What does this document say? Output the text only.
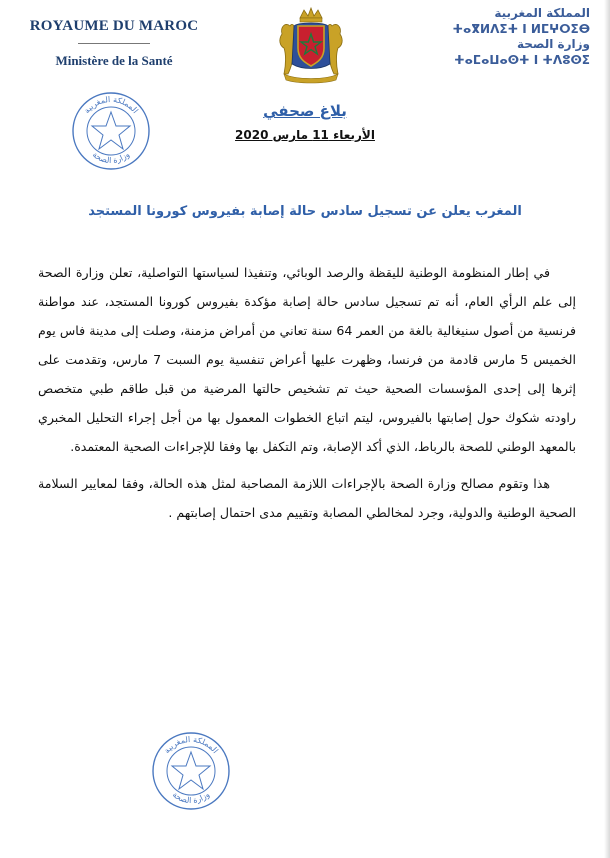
ROYAUME DU MAROC
Ministère de la Santé
المملكة المغربية
ⵜⴰⴳⵍⴷⵉⵜ ⵏ ⵍⵎⵖⵔⵉⴱ
وزارة الصحة
ⵜⴰⵎⴰⵡⴰⵙⵜ ⵏ ⵜⴷⵓⵙⵉ
المملكة المغربية
وزارة الصحة
بلاغ صحفي
الأربعاء 11 مارس 2020
المغرب يعلن عن تسجيل سادس حالة إصابة بفيروس كورونا المستجد

في إطار المنظومة الوطنية لليقظة والرصد الوبائي، وتنفيذا لسياستها التواصلية، تعلن وزارة الصحة إلى علم الرأي العام، أنه تم تسجيل سادس حالة إصابة مؤكدة بفيروس كورونا المستجد، عند مواطنة فرنسية من أصول سنيغالية بالغة من العمر 64 سنة تعاني من أمراض مزمنة، وصلت إلى مدينة فاس يوم الخميس 5 مارس قادمة من فرنسا، وظهرت عليها أعراض تنفسية يوم السبت 7 مارس، وتقدمت على إثرها إلى إحدى المؤسسات الصحية حيث تم تشخيص حالتها المرضية من قبل طاقم طبي متخصص راودته شكوك حول إصابتها بالفيروس، ليتم اتباع الخطوات المعمول بها من أجل إجراء التحليل المخبري بالمعهد الوطني للصحة بالرباط، الذي أكد الإصابة، وتم التكفل بها وفقا للإجراءات الصحية المعتمدة.

هذا وتقوم مصالح وزارة الصحة بالإجراءات اللازمة المصاحبة لمثل هذه الحالة، وفقا لمعايير السلامة الصحية الوطنية والدولية، وجرد لمخالطي المصابة وتقييم مدى احتمال إصابتهم .

المملكة المغربية
وزارة الصحة
